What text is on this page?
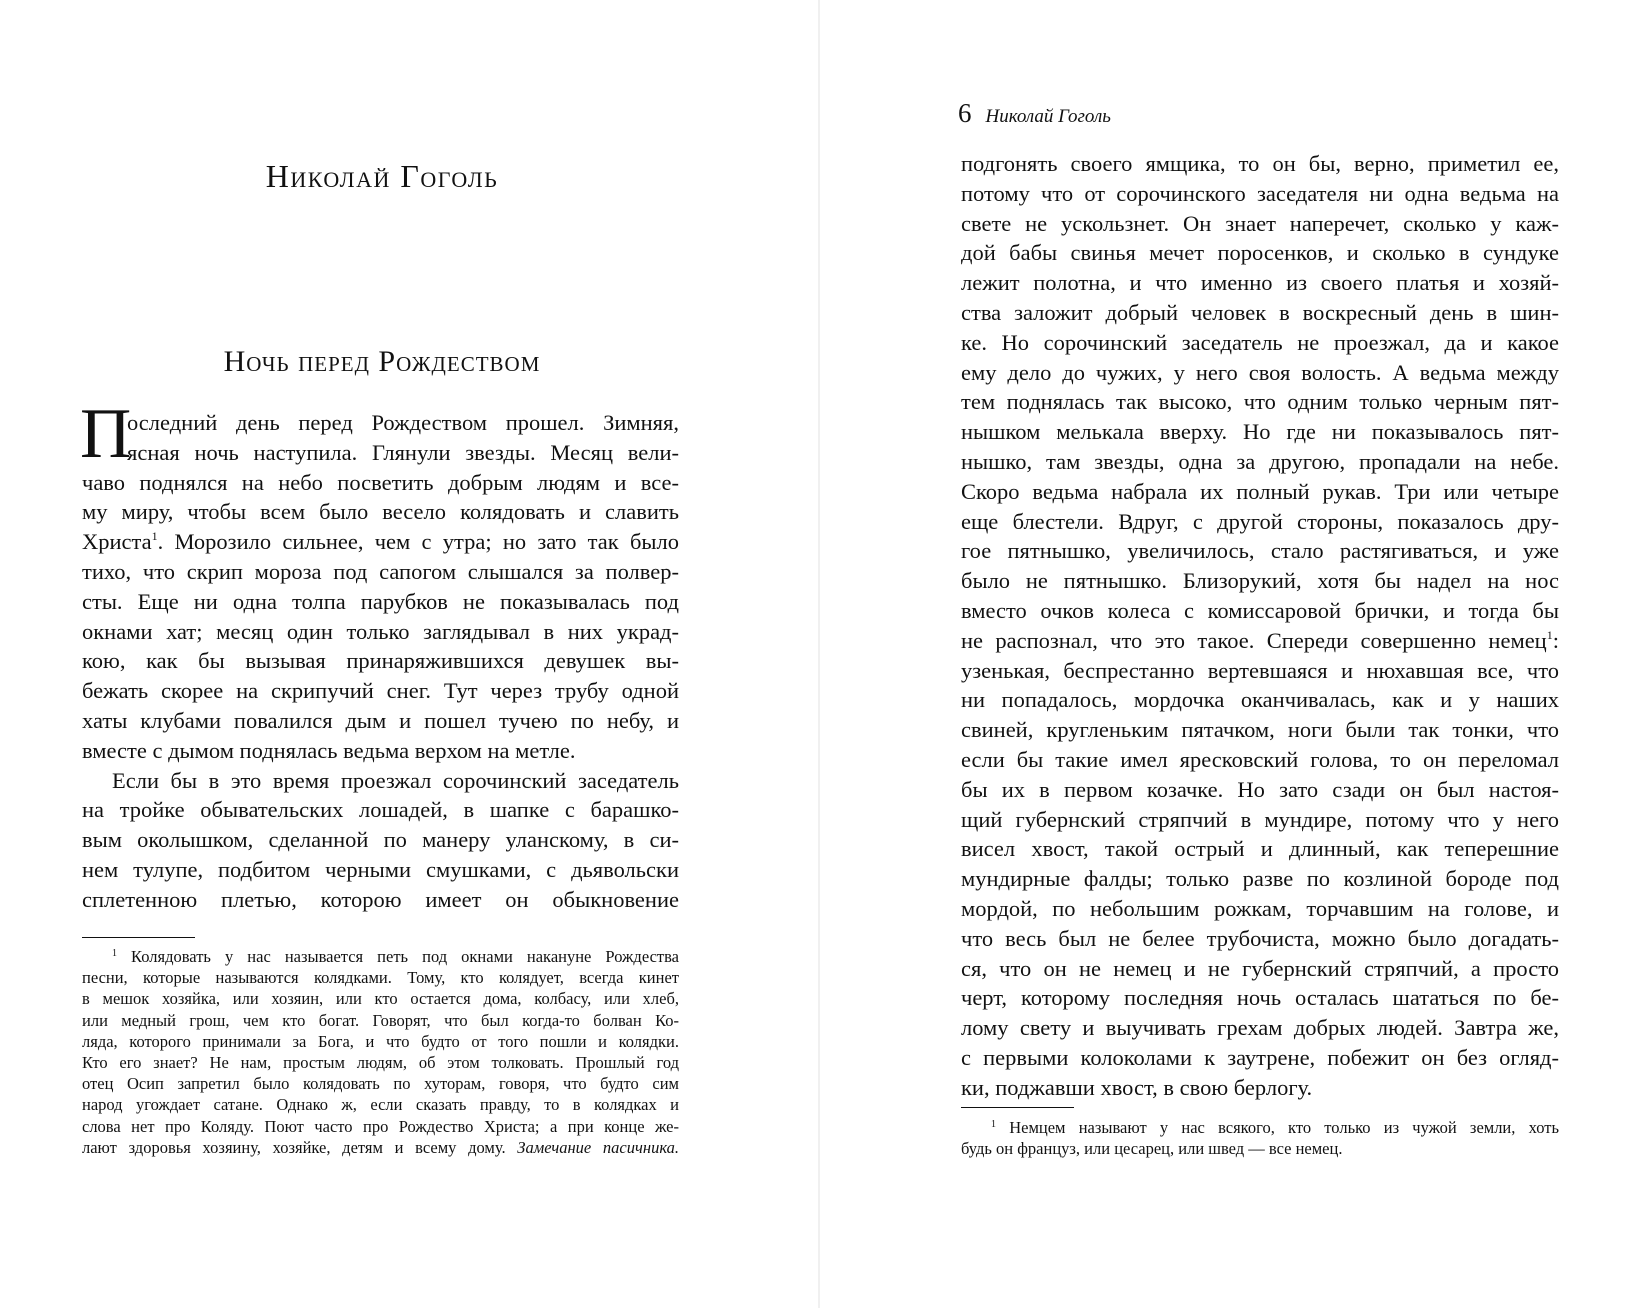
Николай Гоголь
Ночь перед Рождеством
П
оследний день перед Рождеством прошел. Зимняя,
ясная ночь наступила. Глянули звезды. Месяц вели-
чаво поднялся на небо посветить добрым людям и все-
му миру, чтобы всем было весело колядовать и славить
Христа$^1$. Морозило сильнее, чем с утра; но зато так было
тихо, что скрип мороза под сапогом слышался за полвер-
сты. Еще ни одна толпа парубков не показывалась под
окнами хат; месяц один только заглядывал в них украд-
кою, как бы вызывая принаряжившихся девушек вы-
бежать скорее на скрипучий снег. Тут через трубу одной
хаты клубами повалился дым и пошел тучею по небу, и
вместе с дымом поднялась ведьма верхом на метле.
Если бы в это время проезжал сорочинский заседатель
на тройке обывательских лошадей, в шапке с барашко-
вым околышком, сделанной по манеру уланскому, в си-
нем тулупе, подбитом черными смушками, с дьявольски
сплетенною плетью, которою имеет он обыкновение
$^1$ Колядовать у нас называется петь под окнами накануне Рождества
песни, которые называются колядками. Тому, кто колядует, всегда кинет
в мешок хозяйка, или хозяин, или кто остается дома, колбасу, или хлеб,
или медный грош, чем кто богат. Говорят, что был когда-то болван Ко-
ляда, которого принимали за Бога, и что будто от того пошли и колядки.
Кто его знает? Не нам, простым людям, об этом толковать. Прошлый год
отец Осип запретил было колядовать по хуторам, говоря, что будто сим
народ угождает сатане. Однако ж, если сказать правду, то в колядках и
слова нет про Коляду. Поют часто про Рождество Христа; а при конце же-
лают здоровья хозяину, хозяйке, детям и всему дому. Замечание пасичника.
6 Николай Гоголь
подгонять своего ямщика, то он бы, верно, приметил ее,
потому что от сорочинского заседателя ни одна ведьма на
свете не ускользнет. Он знает наперечет, сколько у каж-
дой бабы свинья мечет поросенков, и сколько в сундуке
лежит полотна, и что именно из своего платья и хозяй-
ства заложит добрый человек в воскресный день в шин-
ке. Но сорочинский заседатель не проезжал, да и какое
ему дело до чужих, у него своя волость. А ведьма между
тем поднялась так высоко, что одним только черным пят-
нышком мелькала вверху. Но где ни показывалось пят-
нышко, там звезды, одна за другою, пропадали на небе.
Скоро ведьма набрала их полный рукав. Три или четыре
еще блестели. Вдруг, с другой стороны, показалось дру-
гое пятнышко, увеличилось, стало растягиваться, и уже
было не пятнышко. Близорукий, хотя бы надел на нос
вместо очков колеса с комиссаровой брички, и тогда бы
не распознал, что это такое. Спереди совершенно немец$^1$:
узенькая, беспрестанно вертевшаяся и нюхавшая все, что
ни попадалось, мордочка оканчивалась, как и у наших
свиней, кругленьким пятачком, ноги были так тонки, что
если бы такие имел яресковский голова, то он переломал
бы их в первом козачке. Но зато сзади он был настоя-
щий губернский стряпчий в мундире, потому что у него
висел хвост, такой острый и длинный, как теперешние
мундирные фалды; только разве по козлиной бороде под
мордой, по небольшим рожкам, торчавшим на голове, и
что весь был не белее трубочиста, можно было догадать-
ся, что он не немец и не губернский стряпчий, а просто
черт, которому последняя ночь осталась шататься по бе-
лому свету и выучивать грехам добрых людей. Завтра же,
с первыми колоколами к заутрене, побежит он без огляд-
ки, поджавши хвост, в свою берлогу.
$^1$ Немцем называют у нас всякого, кто только из чужой земли, хоть
будь он француз, или цесарец, или швед — все немец.
